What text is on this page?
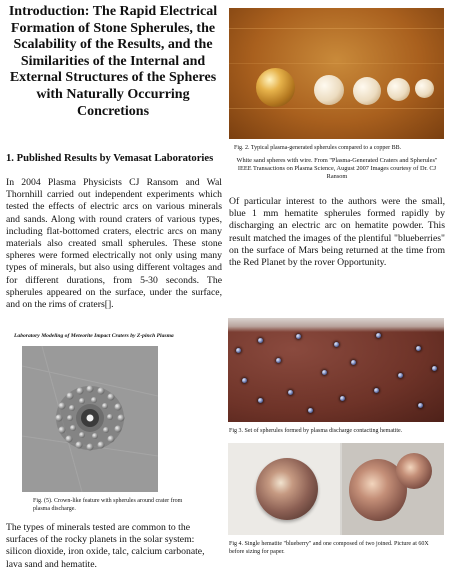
Introduction: The Rapid Electrical Formation of Stone Spherules, the Scalability of the Results, and the Similarities of the Internal and External Structures of the Spheres with Naturally Occurring Concretions
1. Published Results by Vemasat Laboratories

In 2004 Plasma Physicists CJ Ransom and Wal Thornhill carried out independent experiments which tested the effects of electric arcs on various minerals and sands. Along with round craters of various types, including flat-bottomed craters, electric arcs on many materials also created small spherules. These stone spheres were formed electrically not only using many types of minerals, but also using different voltages and for different durations, from 5-30 seconds. The spherules appeared on the surface, under the surface, and on the rims of craters[].

Laboratory Modeling of Meteorite Impact Craters by Z-pinch Plasma

Fig. (5). Crown-like feature with spherules around crater from plasma discharge.

The types of minerals tested are common to the surfaces of the rocky planets in the solar system: silicon dioxide, iron oxide, talc, calcium carbonate, lava sand and hematite.

Fig. 2. Typical plasma-generated spherules compared to a copper BB.

White sand spheres with wire. From "Plasma-Generated Craters and Spherules" IEEE Transactions on Plasma Science, August 2007 Images courtesy of Dr. CJ Ransom

Of particular interest to the authors were the small, blue 1 mm hematite spherules formed rapidly by discharging an electric arc on hematite powder. This result matched the images of the plentiful "blueberries" on the surface of Mars being returned at the time from the Red Planet by the rover Opportunity.

Fig 3. Set of spherules formed by plasma discharge contacting hematite.

Fig 4. Single hematite "blueberry" and one composed of two joined. Picture at 60X before sizing for paper.
